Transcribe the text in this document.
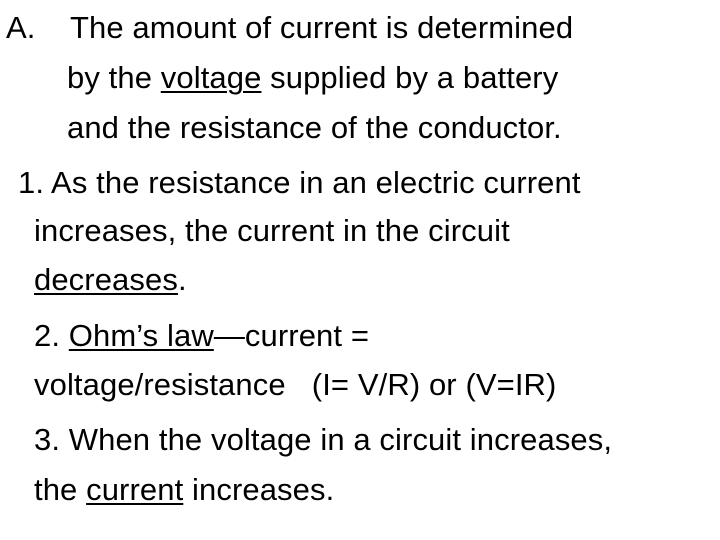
A. The amount of current is determined
by the voltage supplied by a battery
and the resistance of the conductor.
1. As the resistance in an electric current
increases, the current in the circuit
decreases.
2. Ohm’s law—current =
voltage/resistance   (I= V/R) or (V=IR)
3. When the voltage in a circuit increases,
the current increases.
